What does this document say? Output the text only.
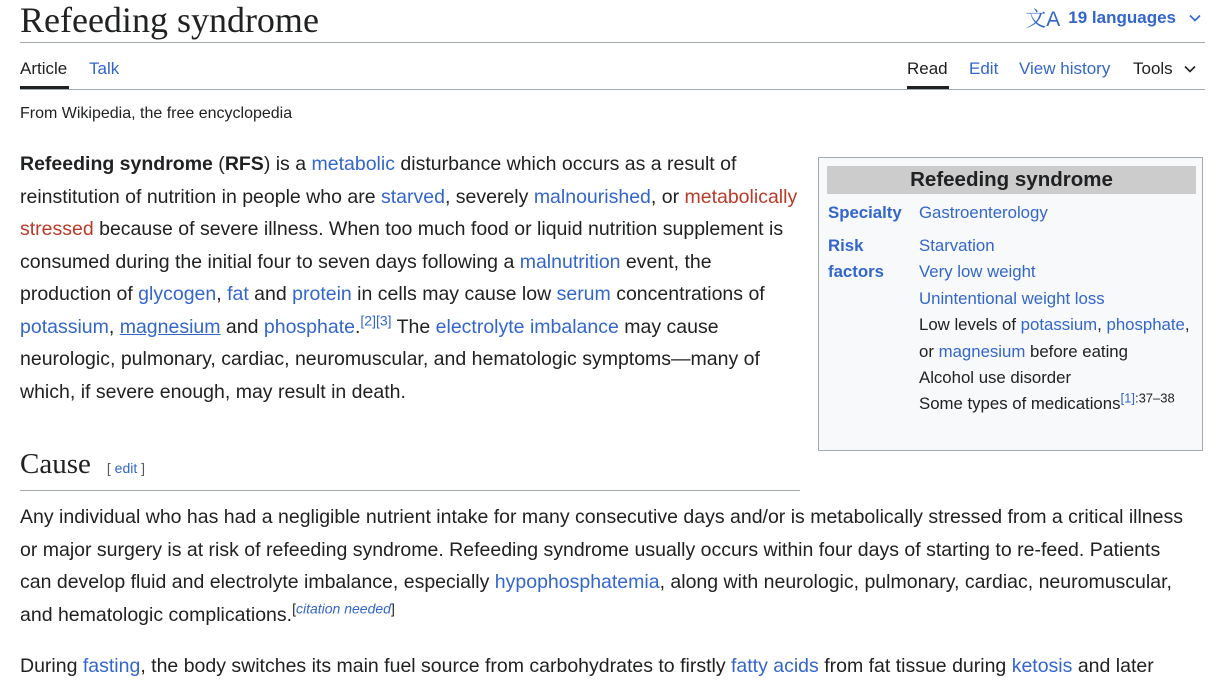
Refeeding syndrome	文A 19 languages
Article Talk	Read Edit View history Tools
From Wikipedia, the free encyclopedia

Refeeding syndrome (RFS) is a metabolic disturbance which occurs as a result of reinstitution of nutrition in people who are starved, severely malnourished, or metabolically stressed because of severe illness. When too much food or liquid nutrition supplement is consumed during the initial four to seven days following a malnutrition event, the production of glycogen, fat and protein in cells may cause low serum concentrations of potassium, magnesium and phosphate.[2][3] The electrolyte imbalance may cause neurologic, pulmonary, cardiac, neuromuscular, and hematologic symptoms—many of which, if severe enough, may result in death.

Refeeding syndrome
Specialty Gastroenterology
Risk factors
Starvation
Very low weight
Unintentional weight loss
Low levels of potassium, phosphate, or magnesium before eating
Alcohol use disorder
Some types of medications$^{[1]:37-38}$
Cause [ edit ]

Any individual who has had a negligible nutrient intake for many consecutive days and/or is metabolically stressed from a critical illness or major surgery is at risk of refeeding syndrome. Refeeding syndrome usually occurs within four days of starting to re-feed. Patients can develop fluid and electrolyte imbalance, especially hypophosphatemia, along with neurologic, pulmonary, cardiac, neuromuscular, and hematologic complications.[citation needed]

During fasting, the body switches its main fuel source from carbohydrates to firstly fatty acids from fat tissue during ketosis and later
